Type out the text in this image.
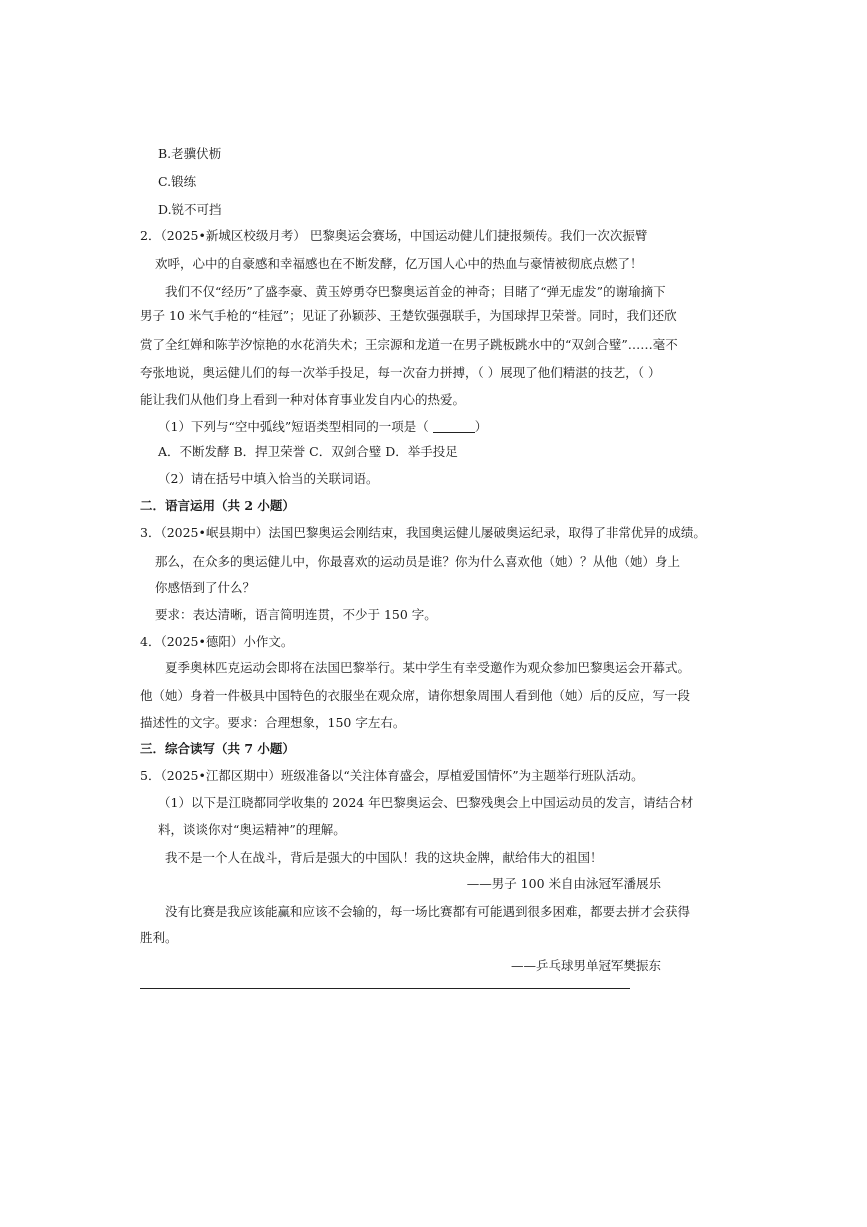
B.老骥伏枥
C.锻练
D.锐不可挡
2．（2025•新城区校级月考） 巴黎奥运会赛场，中国运动健儿们捷报频传。我们一次次振臂
欢呼，心中的自豪感和幸福感也在不断发酵，亿万国人心中的热血与豪情被彻底点燃了！
我们不仅“经历”了盛李豪、黄玉婷勇夺巴黎奥运首金的神奇；目睹了“弹无虚发”的谢瑜摘下
男子 10 米气手枪的“桂冠”；见证了孙颖莎、王楚钦强强联手，为国球捍卫荣誉。同时，我们还欣
赏了全红婵和陈芋汐惊艳的水花消失术；王宗源和龙道一在男子跳板跳水中的“双剑合璧”……毫不
夸张地说，奥运健儿们的每一次举手投足，每一次奋力拼搏，（ ）展现了他们精湛的技艺，（ ）
能让我们从他们身上看到一种对体育事业发自内心的热爱。
（1）下列与“空中弧线”短语类型相同的一项是（	）
A．不断发酵 B．捍卫荣誉 C．双剑合璧 D．举手投足
（2）请在括号中填入恰当的关联词语。
二．语言运用（共 2 小题）
3．（2025•岷县期中）法国巴黎奥运会刚结束，我国奥运健儿屡破奥运纪录，取得了非常优异的成绩。
那么，在众多的奥运健儿中，你最喜欢的运动员是谁？你为什么喜欢他（她）？从他（她）身上
你感悟到了什么？
要求：表达清晰，语言简明连贯，不少于 150 字。
4．（2025•德阳）小作文。
夏季奥林匹克运动会即将在法国巴黎举行。某中学生有幸受邀作为观众参加巴黎奥运会开幕式。
他（她）身着一件极具中国特色的衣服坐在观众席，请你想象周围人看到他（她）后的反应，写一段
描述性的文字。要求：合理想象，150 字左右。
三．综合读写（共 7 小题）
5．（2025•江都区期中）班级准备以“关注体育盛会，厚植爱国情怀”为主题举行班队活动。
（1）以下是江晓都同学收集的 2024 年巴黎奥运会、巴黎残奥会上中国运动员的发言，请结合材
料，谈谈你对“奥运精神”的理解。
我不是一个人在战斗，背后是强大的中国队！我的这块金牌，献给伟大的祖国！
——男子 100 米自由泳冠军潘展乐
没有比赛是我应该能赢和应该不会输的，每一场比赛都有可能遇到很多困难，都要去拼才会获得
胜利。
——乒乓球男单冠军樊振东
